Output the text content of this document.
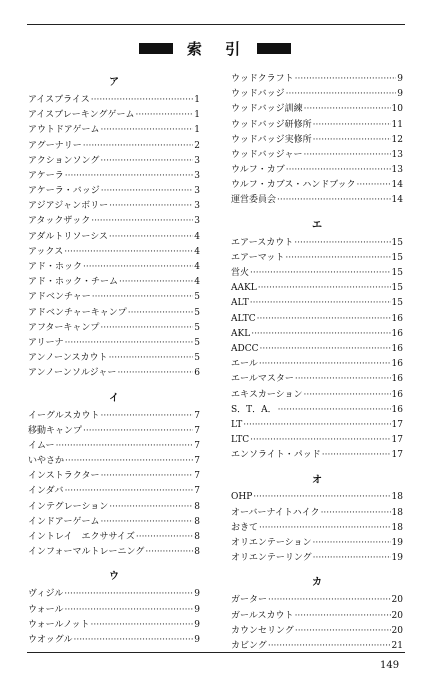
索 引
ア
アイスブライス ·····	1
アイスブレーキングゲーム ·····	1
アウトドアゲーム ·····	1
アグーナリー ·····	2
アクションソング ·····	3
アケーラ ·····	3
アケーラ・バッジ ·····	3
アジアジャンボリー ·····	3
アタックザック ·····	3
アダルトリソーシス ·····	4
アックス ·····	4
アド・ホック ·····	4
アド・ホック・チーム ·····	4
アドベンチャー ·····	5
アドベンチャーキャンプ ·····	5
アフターキャンプ ·····	5
アリーナ ·····	5
アンノーンスカウト ·····	5
アンノーンソルジャー ·····	6
イ
イーグルスカウト ·····	7
移動キャンプ ·····	7
イムー ·····	7
いやさか ·····	7
インストラクター ·····	7
インダバ ·····	7
インテグレーション ·····	8
インドアーゲーム ·····	8
イントレイ　エクササイズ ·····	8
インフォーマルトレーニング ·····	8
ウ
ヴィジル ·····	9
ウォール ·····	9
ウォールノット ·····	9
ウオッグル ·····	9
ウッドクラフト ·····	9
ウッドバッジ ·····	9
ウッドバッジ訓練 ·····	10
ウッドバッジ研修所 ·····	11
ウッドバッジ実修所 ·····	12
ウッドバッジャー ·····	13
ウルフ・カブ ·····	13
ウルフ・カブス・ハンドブック ·····	14
運営委員会 ·····	14
エ
エアースカウト ·····	15
エアーマット ·····	15
営火 ·····	15
AAKL ·····	15
ALT ·····	15
ALTC ·····	16
AKL ·····	16
ADCC ·····	16
エール ·····	16
エールマスター ·····	16
エキスカーション ·····	16
S．T．A． ·····	16
LT ·····	17
LTC ·····	17
エンソライト・パッド ·····	17
オ
OHP ·····	18
オーバーナイトハイク ·····	18
おきて ·····	18
オリエンテーション ·····	19
オリエンテーリング ·····	19
カ
ガーター ·····	20
ガールスカウト ·····	20
カウンセリング ·····	20
カビング ·····	21
149
